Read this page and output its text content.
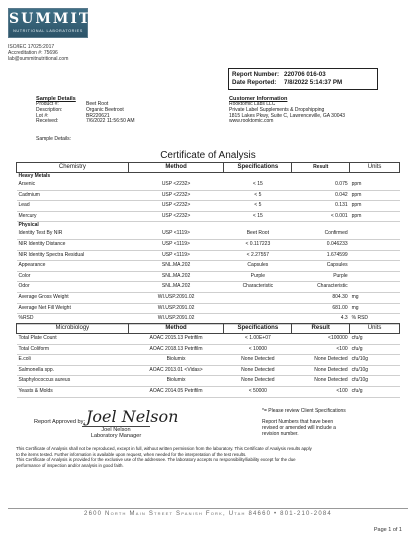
SUMMIT
NUTRITIONAL LABORATORIES
ISO/IEC 17025:2017
Accreditation #: 75696
lab@summitnutritional.com
Report Number: 220706 016-03
Date Reported: 7/8/2022 5:14:37 PM
Sample Details
Product #:	Beet Root
Description:	Organic Beetroot
Lot #:	BR220621
Received:	7/6/2022 11:56:50 AM
Sample Details:
Customer Information
Rooktomic Labs LLC
Private Label Supplements & Dropshipping
1815 Lakes Pkwy, Suite C, Lawrenceville, GA 30043
www.rooktomic.com
Certificate of Analysis
Chemistry	Method	Specifications	Result	Units
Heavy Metals				
Arsenic	USP <2232>	< 15	0.075	ppm
Cadmium	USP <2232>	< 5	0.042	ppm
Lead	USP <2232>	< 5	0.131	ppm
Mercury	USP <2232>	< 15	< 0.001	ppm
Physical				
Identity Test By NIR	USP <1119>	Beet Root	Confirmed	
NIR Identity Distance	USP <1119>	< 0.117223	0.046233	
NIR Identity Spectra Residual	USP <1119>	< 2.27557	1.674599	
Appearance	SNL.MA.202	Capsules	Capsules	
Color	SNL.MA.202	Purple	Purple	
Odor	SNL.MA.202	Characteristic	Characteristic	
Average Gross Weight	WI.USP.2091.02		804.30	mg
Average Net Fill Weight	WI.USP.2091.02		681.00	mg
%RSD	WI.USP.2091.02		4.3	% RSD
Microbiology	Method	Specifications	Result	Units
Total Plate Count	AOAC 2015.13 Petrifilm	< 1.00E+07	<100000	cfu/g
Total Coliform	AOAC 2018.13 Petrifilm	< 10000	<100	cfu/g
E.coli	Biolumix	None Detected	None Detected	cfu/10g
Salmonella spp.	AOAC 2013.01 <Vidas>	None Detected	None Detected	cfu/10g
Staphylococcus aureus	Biolumix	None Detected	None Detected	cfu/10g
Yeasts & Molds	AOAC 2014.05 Petrifilm	< 50000	<100	cfu/g
Report Approved by: Joel Nelson
Joel Nelson
Laboratory Manager
*= Please review Client Specifications
Report Numbers that have been
revised or amended will include a
revision number.
This Certificate of Analysis shall not be reproduced, except in full, without written permission from the laboratory. This Certificate of Analysis results apply
to the items tested. Further information is available upon request, when needed for the interpretation of the test results.
This Certificate of Analysis is provided for the exclusive use of the addressee. The laboratory accepts no responsibility/liability except for the due
performance of inspection and/or analysis in good faith.
2600 North Main Street Spanish Fork, Utah 84660 • 801-210-2084
Page 1 of 1
